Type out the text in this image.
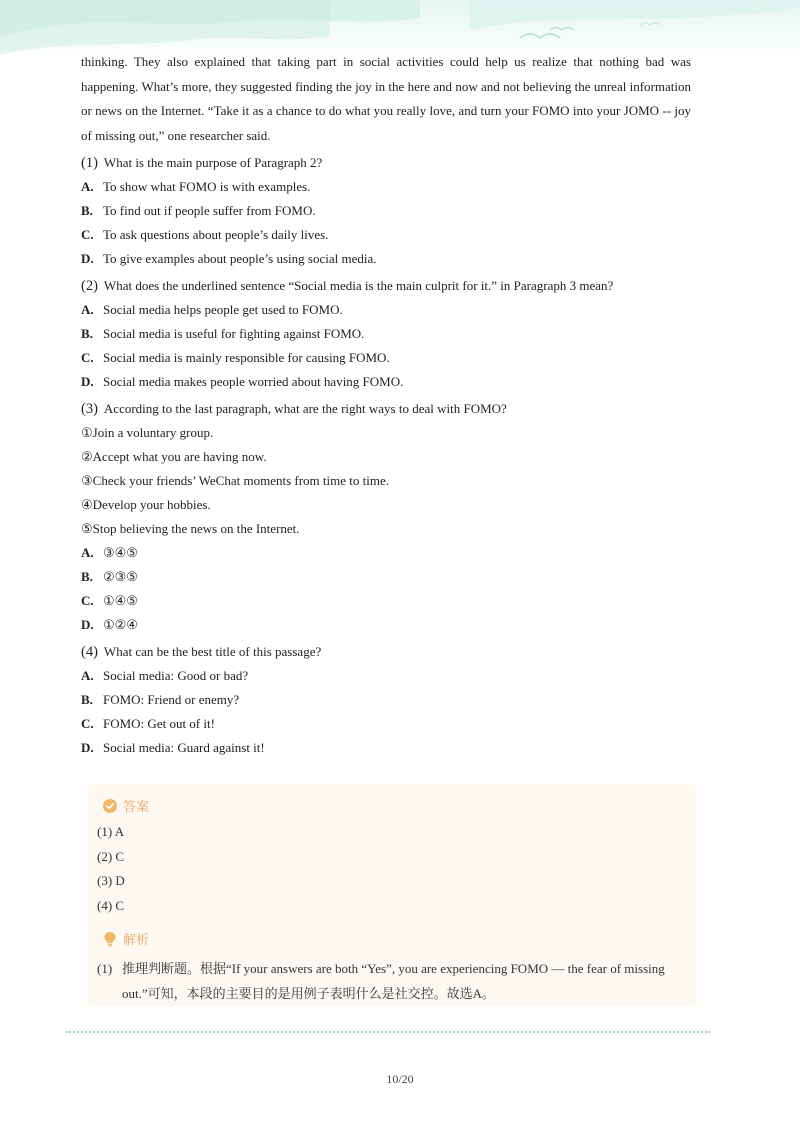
thinking. They also explained that taking part in social activities could help us realize that nothing bad was happening. What’s more, they suggested finding the joy in the here and now and not believing the unreal information or news on the Internet. “Take it as a chance to do what you really love, and turn your FOMO into your JOMO -- joy of missing out,” one researcher said.

(1) What is the main purpose of Paragraph 2?
A. To show what FOMO is with examples.
B. To find out if people suffer from FOMO.
C. To ask questions about people’s daily lives.
D. To give examples about people’s using social media.
(2) What does the underlined sentence “Social media is the main culprit for it.” in Paragraph 3 mean?
A. Social media helps people get used to FOMO.
B. Social media is useful for fighting against FOMO.
C. Social media is mainly responsible for causing FOMO.
D. Social media makes people worried about having FOMO.
(3) According to the last paragraph, what are the right ways to deal with FOMO?
①Join a voluntary group.
②Accept what you are having now.
③Check your friends’ WeChat moments from time to time.
④Develop your hobbies.
⑤Stop believing the news on the Internet.
A. ③④⑤
B. ②③⑤
C. ①④⑤
D. ①②④
(4) What can be the best title of this passage?
A. Social media: Good or bad?
B. FOMO: Friend or enemy?
C. FOMO: Get out of it!
D. Social media: Guard against it!
答案
(1) A
(2) C
(3) D
(4) C
解析
(1) 推理判断题。根据“If your answers are both “Yes”, you are experiencing FOMO — the fear of missing out.”可知，本段的主要目的是用例子表明什么是社交控。故选A。
10/20
